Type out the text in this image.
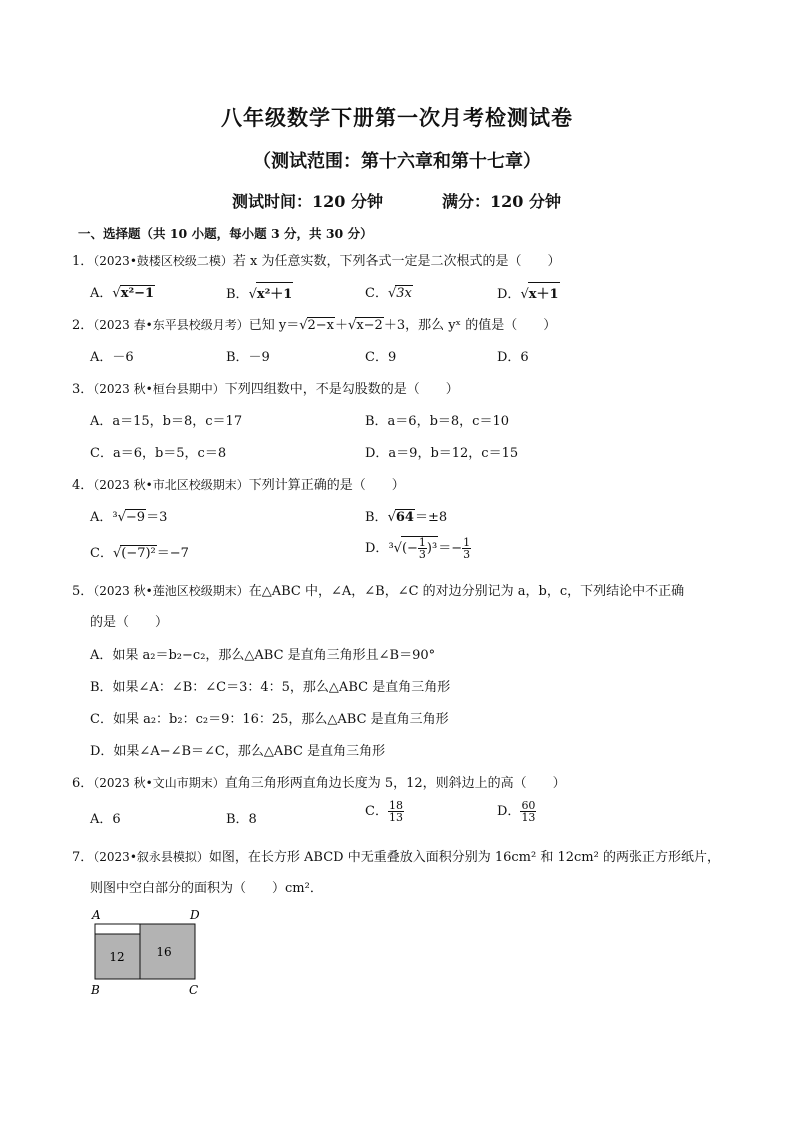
八年级数学下册第一次月考检测试卷
（测试范围：第十六章和第十七章）
测试时间：120 分钟	满分：120 分钟
一、选择题（共 10 小题，每小题 3 分，共 30 分）
1．（2023•鼓楼区校级二模）若 x 为任意实数，下列各式一定是二次根式的是（　　）
A．√x²−1	B．√x²＋1	C．√3x	D．√x＋1
2．（2023 春•东平县校级月考）已知 y＝√2−x＋√x−2＋3，那么 yˣ 的值是（　　）
A．－6	B．－9	C．9	D．6
3．（2023 秋•桓台县期中）下列四组数中，不是勾股数的是（　　）
A．a＝15，b＝8，c＝17	B．a＝6，b＝8，c＝10
C．a＝6，b＝5，c＝8	D．a＝9，b＝12，c＝15
4．（2023 秋•市北区校级期末）下列计算正确的是（　　）
A．³√−9＝3	B．√64＝±8
C．√(−7)²＝−7	D．$^3√(- \frac{1}{3} )^3=- \frac{1}{3}$
5．（2023 秋•莲池区校级期末）在△ABC 中，∠A，∠B，∠C 的对边分别记为 a，b，c，下列结论中不正确
的是（　　）
A．如果 a₂＝b₂−c₂，那么△ABC 是直角三角形且∠B＝90°
B．如果∠A：∠B：∠C＝3：4：5，那么△ABC 是直角三角形
C．如果 a₂：b₂：c₂＝9：16：25，那么△ABC 是直角三角形
D．如果∠A−∠B＝∠C，那么△ABC 是直角三角形
6．（2023 秋•文山市期末）直角三角形两直角边长度为 5，12，则斜边上的高（　　）
A．6	B．8
C． $\frac{18}{13}$	D． $\frac{60}{13}$
7．（2023•叙永县模拟）如图，在长方形 ABCD 中无重叠放入面积分别为 16cm² 和 12cm² 的两张正方形纸片，
则图中空白部分的面积为（　　）cm²．
12	16
A	D
B	C
